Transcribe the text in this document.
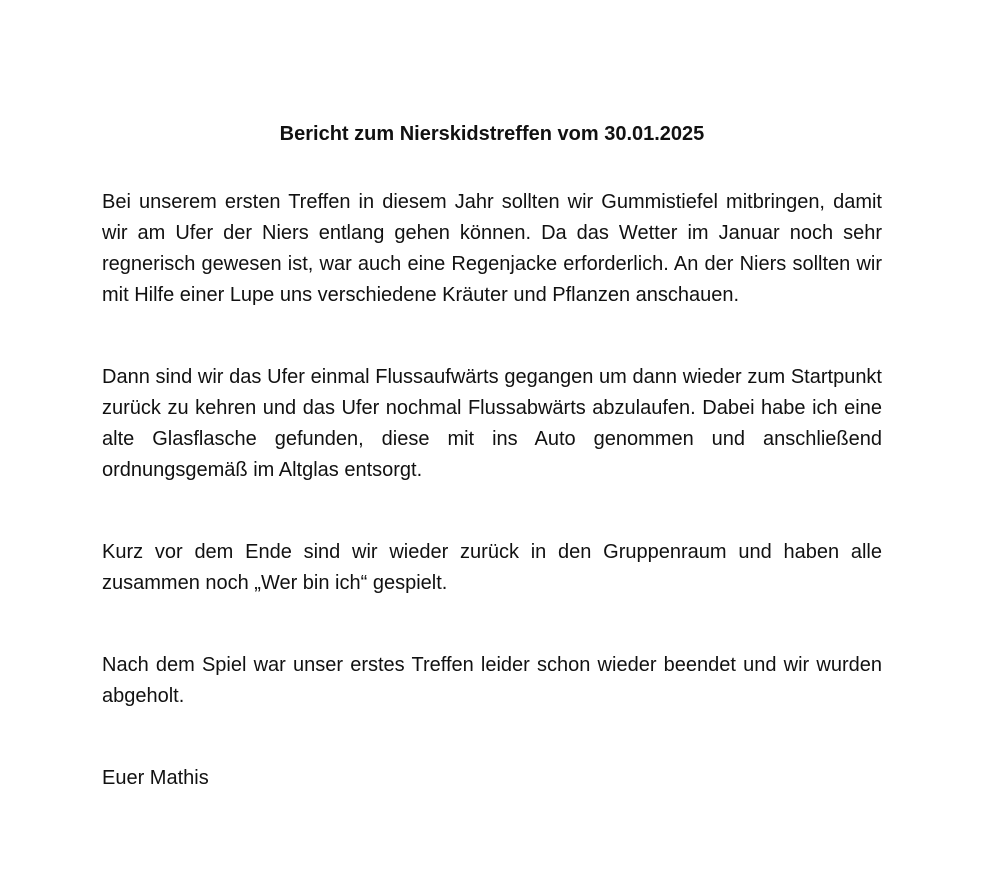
Bericht zum Nierskidstreffen vom 30.01.2025

Bei unserem ersten Treffen in diesem Jahr sollten wir Gummistiefel mitbringen, damit wir am Ufer der Niers entlang gehen können. Da das Wetter im Januar noch sehr regnerisch gewesen ist, war auch eine Regenjacke erforderlich. An der Niers sollten wir mit Hilfe einer Lupe uns verschiedene Kräuter und Pflanzen anschauen.

Dann sind wir das Ufer einmal Flussaufwärts gegangen um dann wieder zum Startpunkt zurück zu kehren und das Ufer nochmal Flussabwärts abzulaufen. Dabei habe ich eine alte Glasflasche gefunden, diese mit ins Auto genommen und anschließend ordnungsgemäß im Altglas entsorgt.

Kurz vor dem Ende sind wir wieder zurück in den Gruppenraum und haben alle zusammen noch „Wer bin ich“ gespielt.

Nach dem Spiel war unser erstes Treffen leider schon wieder beendet und wir wurden abgeholt.

Euer Mathis
